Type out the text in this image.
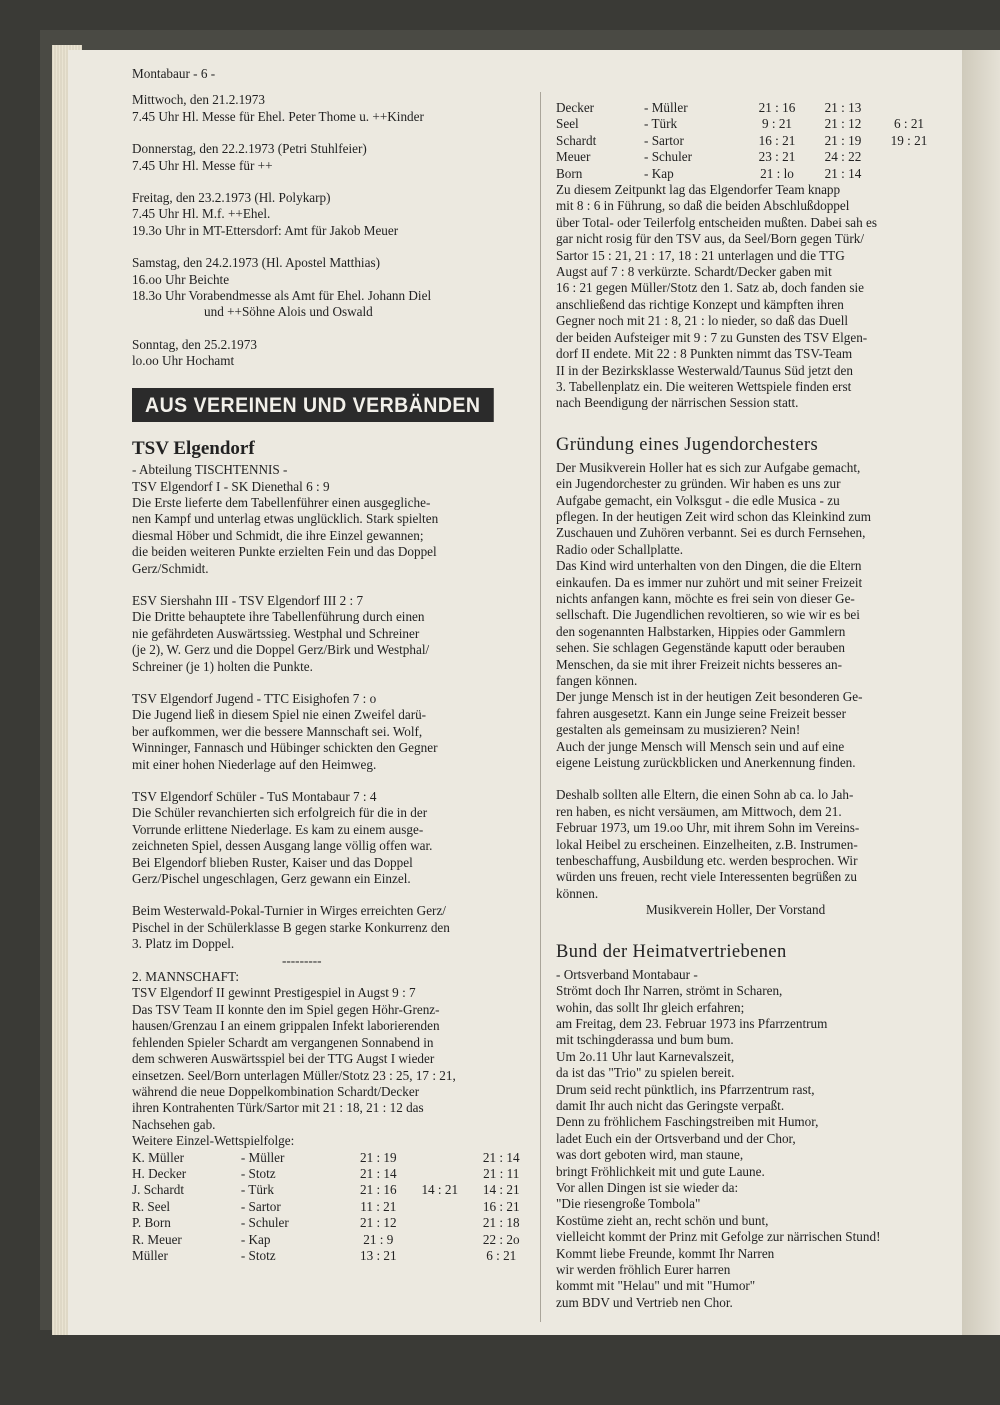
Montabaur - 6 -

Mittwoch, den 21.2.1973

7.45 Uhr Hl. Messe für Ehel. Peter Thome u. ++Kinder

Donnerstag, den 22.2.1973 (Petri Stuhlfeier)

7.45 Uhr Hl. Messe für ++

Freitag, den 23.2.1973 (Hl. Polykarp)

7.45 Uhr Hl. M.f. ++Ehel.

19.3o Uhr in MT-Ettersdorf: Amt für Jakob Meuer

Samstag, den 24.2.1973 (Hl. Apostel Matthias)

16.oo Uhr Beichte

18.3o Uhr Vorabendmesse als Amt für Ehel. Johann Diel

und ++Söhne Alois und Oswald

Sonntag, den 25.2.1973

lo.oo Uhr Hochamt

AUS VEREINEN UND VERBÄNDEN

TSV Elgendorf

- Abteilung TISCHTENNIS -

TSV Elgendorf I - SK Dienethal 6 : 9

Die Erste lieferte dem Tabellenführer einen ausgegliche-

nen Kampf und unterlag etwas unglücklich. Stark spielten

diesmal Höber und Schmidt, die ihre Einzel gewannen;

die beiden weiteren Punkte erzielten Fein und das Doppel

Gerz/Schmidt.

ESV Siershahn III - TSV Elgendorf III 2 : 7

Die Dritte behauptete ihre Tabellenführung durch einen

nie gefährdeten Auswärtssieg. Westphal und Schreiner

(je 2), W. Gerz und die Doppel Gerz/Birk und Westphal/

Schreiner (je 1) holten die Punkte.

TSV Elgendorf Jugend - TTC Eisighofen 7 : o

Die Jugend ließ in diesem Spiel nie einen Zweifel darü-

ber aufkommen, wer die bessere Mannschaft sei. Wolf,

Winninger, Fannasch und Hübinger schickten den Gegner

mit einer hohen Niederlage auf den Heimweg.

TSV Elgendorf Schüler - TuS Montabaur 7 : 4

Die Schüler revanchierten sich erfolgreich für die in der

Vorrunde erlittene Niederlage. Es kam zu einem ausge-

zeichneten Spiel, dessen Ausgang lange völlig offen war.

Bei Elgendorf blieben Ruster, Kaiser und das Doppel

Gerz/Pischel ungeschlagen, Gerz gewann ein Einzel.

Beim Westerwald-Pokal-Turnier in Wirges erreichten Gerz/

Pischel in der Schülerklasse B gegen starke Konkurrenz den

3. Platz im Doppel.

---------

2. MANNSCHAFT:

TSV Elgendorf II gewinnt Prestigespiel in Augst 9 : 7

Das TSV Team II konnte den im Spiel gegen Höhr-Grenz-

hausen/Grenzau I an einem grippalen Infekt laborierenden

fehlenden Spieler Schardt am vergangenen Sonnabend in

dem schweren Auswärtsspiel bei der TTG Augst I wieder

einsetzen. Seel/Born unterlagen Müller/Stotz 23 : 25, 17 : 21,

während die neue Doppelkombination Schardt/Decker

ihren Kontrahenten Türk/Sartor mit 21 : 18, 21 : 12 das

Nachsehen gab.

Weitere Einzel-Wettspielfolge:

K. Müller	- Müller	21 : 19		21 : 14
H. Decker	- Stotz	21 : 14		21 : 11
J. Schardt	- Türk	21 : 16	14 : 21	14 : 21
R. Seel	- Sartor	11 : 21		16 : 21
P. Born	- Schuler	21 : 12		21 : 18
R. Meuer	- Kap	21 : 9		22 : 2o
Müller	- Stotz	13 : 21		6 : 21
Decker	- Müller	21 : 16	21 : 13	
Seel	- Türk	9 : 21	21 : 12	6 : 21
Schardt	- Sartor	16 : 21	21 : 19	19 : 21
Meuer	- Schuler	23 : 21	24 : 22	
Born	- Kap	21 : lo	21 : 14	

Zu diesem Zeitpunkt lag das Elgendorfer Team knapp

mit 8 : 6 in Führung, so daß die beiden Abschlußdoppel

über Total- oder Teilerfolg entscheiden mußten. Dabei sah es

gar nicht rosig für den TSV aus, da Seel/Born gegen Türk/

Sartor 15 : 21, 21 : 17, 18 : 21 unterlagen und die TTG

Augst auf 7 : 8 verkürzte. Schardt/Decker gaben mit

16 : 21 gegen Müller/Stotz den 1. Satz ab, doch fanden sie

anschließend das richtige Konzept und kämpften ihren

Gegner noch mit 21 : 8, 21 : lo nieder, so daß das Duell

der beiden Aufsteiger mit 9 : 7 zu Gunsten des TSV Elgen-

dorf II endete. Mit 22 : 8 Punkten nimmt das TSV-Team

II in der Bezirksklasse Westerwald/Taunus Süd jetzt den

3. Tabellenplatz ein. Die weiteren Wettspiele finden erst

nach Beendigung der närrischen Session statt.

Gründung eines Jugendorchesters

Der Musikverein Holler hat es sich zur Aufgabe gemacht,

ein Jugendorchester zu gründen. Wir haben es uns zur

Aufgabe gemacht, ein Volksgut - die edle Musica - zu

pflegen. In der heutigen Zeit wird schon das Kleinkind zum

Zuschauen und Zuhören verbannt. Sei es durch Fernsehen,

Radio oder Schallplatte.

Das Kind wird unterhalten von den Dingen, die die Eltern

einkaufen. Da es immer nur zuhört und mit seiner Freizeit

nichts anfangen kann, möchte es frei sein von dieser Ge-

sellschaft. Die Jugendlichen revoltieren, so wie wir es bei

den sogenannten Halbstarken, Hippies oder Gammlern

sehen. Sie schlagen Gegenstände kaputt oder berauben

Menschen, da sie mit ihrer Freizeit nichts besseres an-

fangen können.

Der junge Mensch ist in der heutigen Zeit besonderen Ge-

fahren ausgesetzt. Kann ein Junge seine Freizeit besser

gestalten als gemeinsam zu musizieren? Nein!

Auch der junge Mensch will Mensch sein und auf eine

eigene Leistung zurückblicken und Anerkennung finden.

Deshalb sollten alle Eltern, die einen Sohn ab ca. lo Jah-

ren haben, es nicht versäumen, am Mittwoch, dem 21.

Februar 1973, um 19.oo Uhr, mit ihrem Sohn im Vereins-

lokal Heibel zu erscheinen. Einzelheiten, z.B. Instrumen-

tenbeschaffung, Ausbildung etc. werden besprochen. Wir

würden uns freuen, recht viele Interessenten begrüßen zu

können.

Musikverein Holler, Der Vorstand

Bund der Heimatvertriebenen

- Ortsverband Montabaur -

Strömt doch Ihr Narren, strömt in Scharen,

wohin, das sollt Ihr gleich erfahren;

am Freitag, dem 23. Februar 1973 ins Pfarrzentrum

mit tschingderassa und bum bum.

Um 2o.11 Uhr laut Karnevalszeit,

da ist das "Trio" zu spielen bereit.

Drum seid recht pünktlich, ins Pfarrzentrum rast,

damit Ihr auch nicht das Geringste verpaßt.

Denn zu fröhlichem Faschingstreiben mit Humor,

ladet Euch ein der Ortsverband und der Chor,

was dort geboten wird, man staune,

bringt Fröhlichkeit mit und gute Laune.

Vor allen Dingen ist sie wieder da:

"Die riesengroße Tombola"

Kostüme zieht an, recht schön und bunt,

vielleicht kommt der Prinz mit Gefolge zur närrischen Stund!

Kommt liebe Freunde, kommt Ihr Narren

wir werden fröhlich Eurer harren

kommt mit "Helau" und mit "Humor"

zum BDV und Vertrieb nen Chor.
